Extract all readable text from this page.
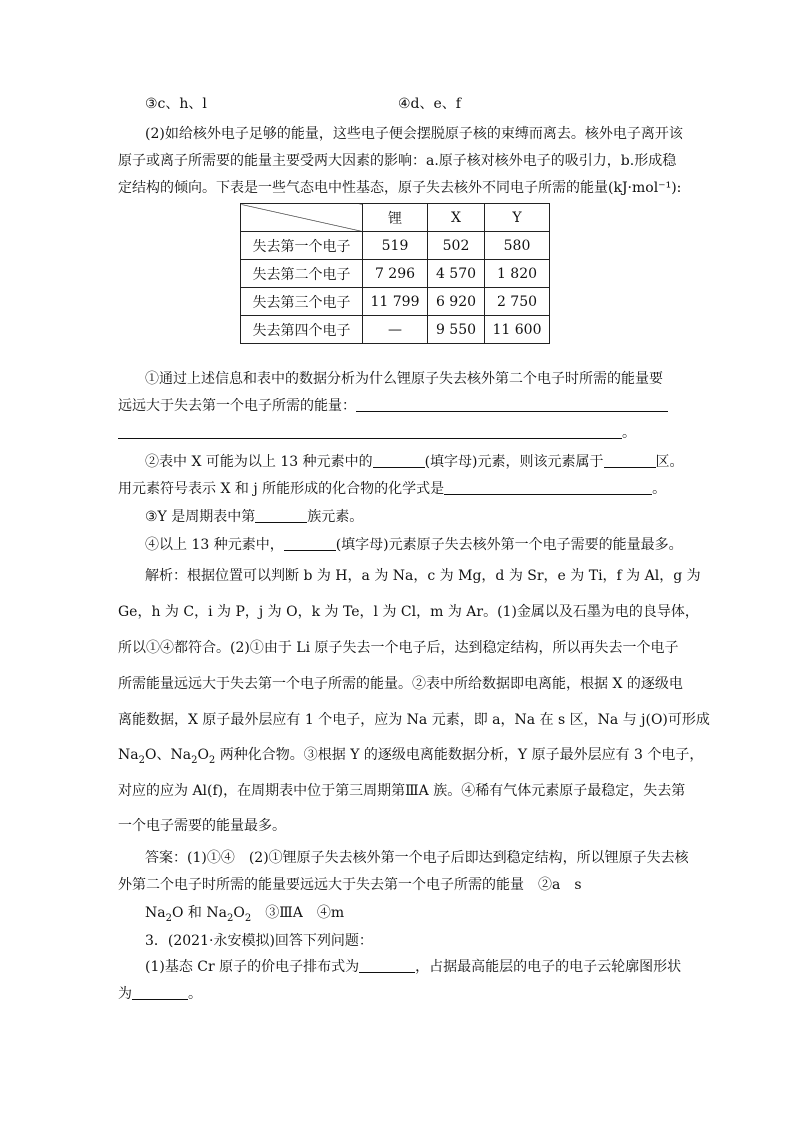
③c、h、l	④d、e、f
(2)如给核外电子足够的能量，这些电子便会摆脱原子核的束缚而离去。核外电子离开该
原子或离子所需要的能量主要受两大因素的影响：a.原子核对核外电子的吸引力，b.形成稳
定结构的倾向。下表是一些气态电中性基态，原子失去核外不同电子所需的能量(kJ·mol⁻¹):
	锂	X	Y
失去第一个电子	519	502	580
失去第二个电子	7 296	4 570	1 820
失去第三个电子	11 799	6 920	2 750
失去第四个电子	—	9 550	11 600
①通过上述信息和表中的数据分析为什么锂原子失去核外第二个电子时所需的能量要
远远大于失去第一个电子所需的能量：
。
②表中 X 可能为以上 13 种元素中的	(填字母)元素，则该元素属于	区。
用元素符号表示 X 和 j 所能形成的化合物的化学式是	。
③Y 是周期表中第	族元素。
④以上 13 种元素中，	(填字母)元素原子失去核外第一个电子需要的能量最多。
解析：根据位置可以判断 b 为 H，a 为 Na，c 为 Mg，d 为 Sr，e 为 Ti，f 为 Al，g 为
Ge，h 为 C，i 为 P，j 为 O，k 为 Te，l 为 Cl，m 为 Ar。(1)金属以及石墨为电的良导体，
所以①④都符合。(2)①由于 Li 原子失去一个电子后，达到稳定结构，所以再失去一个电子
所需能量远远大于失去第一个电子所需的能量。②表中所给数据即电离能，根据 X 的逐级电
离能数据，X 原子最外层应有 1 个电子，应为 Na 元素，即 a，Na 在 s 区，Na 与 j(O)可形成
$Na_2O$、$Na_2O_2$ 两种化合物。③根据 Y 的逐级电离能数据分析，Y 原子最外层应有 3 个电子，
对应的应为 Al(f)，在周期表中位于第三周期第ⅢA 族。④稀有气体元素原子最稳定，失去第
一个电子需要的能量最多。
答案：(1)①④　(2)①锂原子失去核外第一个电子后即达到稳定结构，所以锂原子失去核
外第二个电子时所需的能量要远远大于失去第一个电子所需的能量　②a　s
$Na_2O$ 和 $Na_2O_2$　③ⅢA　④m
3．(2021·永安模拟)回答下列问题：
(1)基态 Cr 原子的价电子排布式为	，占据最高能层的电子的电子云轮廓图形状
为	。
